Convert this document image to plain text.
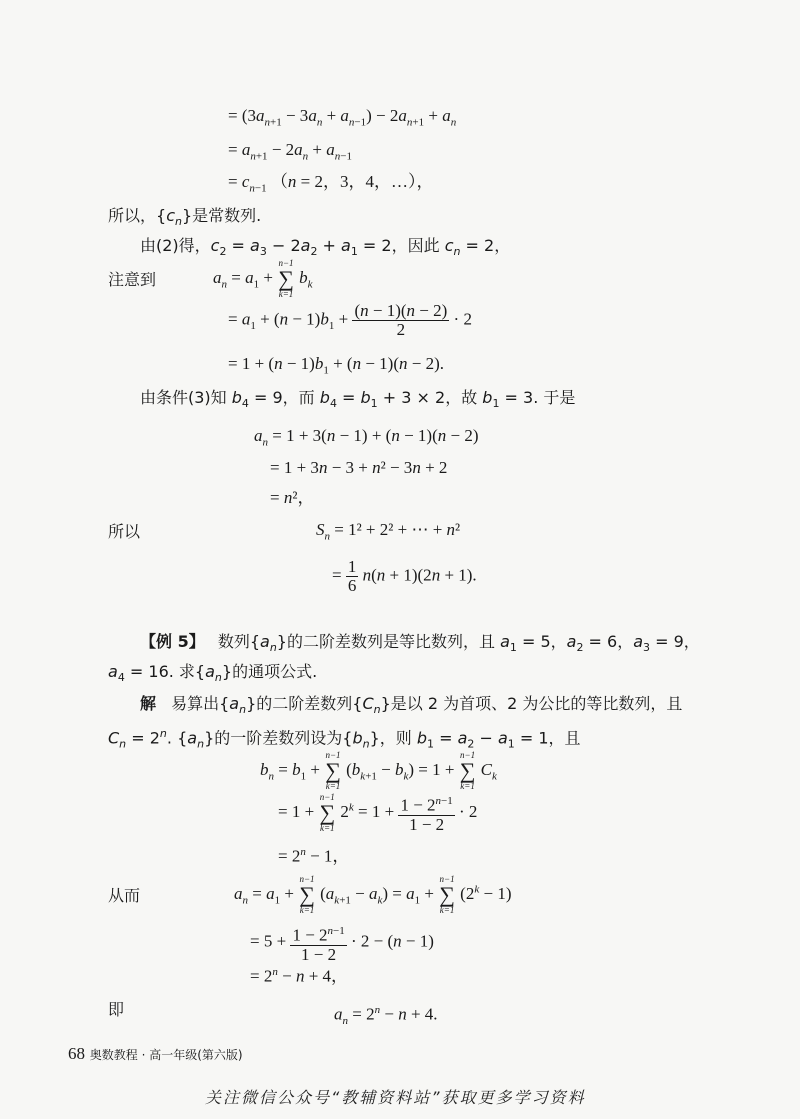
= $(3a_{n+1} - 3a_n + a_{n-1}) - 2a_{n+1} + a_n$
= $a_{n+1} - 2a_n + a_{n-1}$
= $c_{n-1}$ （n = 2，3，4，…），
所以，$\{c_n\}$是常数列.
由(2)得，$c_2 = a_3 - 2a_2 + a_1 = 2$，因此 $c_n = 2$，
注意到	$a_n = a_1$ +
n−1
∑
k=1
$b_k$
= $a_1 + (n - 1)b_1 + \frac{(n - 1)(n - 2)}{2} \cdot 2$
= $1 + (n - 1)b_1 + (n - 1)(n - 2)$.
由条件(3)知 $b_4 = 9$，而 $b_4 = b_1 + 3 \times 2$，故 $b_1 = 3$. 于是
$a_n = 1 + 3(n - 1) + (n - 1)(n - 2)$
= 1 + 3n − 3 + n² − 3n + 2
= n²，
所以	$S_n = 1^2 + 2^2$ + ⋯ + n²
= $\frac{1}{6} n(n + 1)(2n + 1)$.
【例 5】 数列$\{a_n\}$的二阶差数列是等比数列，且 $a_1 = 5$，$a_2 = 6$，$a_3 = 9$，
$a_4 = 16$. 求$\{a_n\}$的通项公式.
解 易算出$\{a_n\}$的二阶差数列$\{C_n\}$是以 2 为首项、2 为公比的等比数列，且
$C_n = 2^n$. $\{a_n\}$的一阶差数列设为$\{b_n\}$，则 $b_1 = a_2 - a_1 = 1$，且
$b_n = b_1$ +
n−1
∑
k=1
$(b_{k+1} - b_k) = 1$ +
n−1
∑
k=1
$C_k$
= 1 +
n−1
∑
k=1
$2^k = 1 + \frac{1 - 2^{n-1}}{1 - 2} \cdot 2$
= $2^n - 1$，
从而	$a_n = a_1$ +
n−1
∑
k=1
$(a_{k+1} - a_k) = a_1$ +
n−1
∑
k=1
$(2^k - 1)$
= $5 + \frac{1 - 2^{n-1}}{1 - 2} \cdot 2 - (n - 1)$
= $2^n - n + 4$，
即	$a_n = 2^n - n + 4$.
68 奥数教程 · 高一年级(第六版)
关注微信公众号“教辅资料站”获取更多学习资料
